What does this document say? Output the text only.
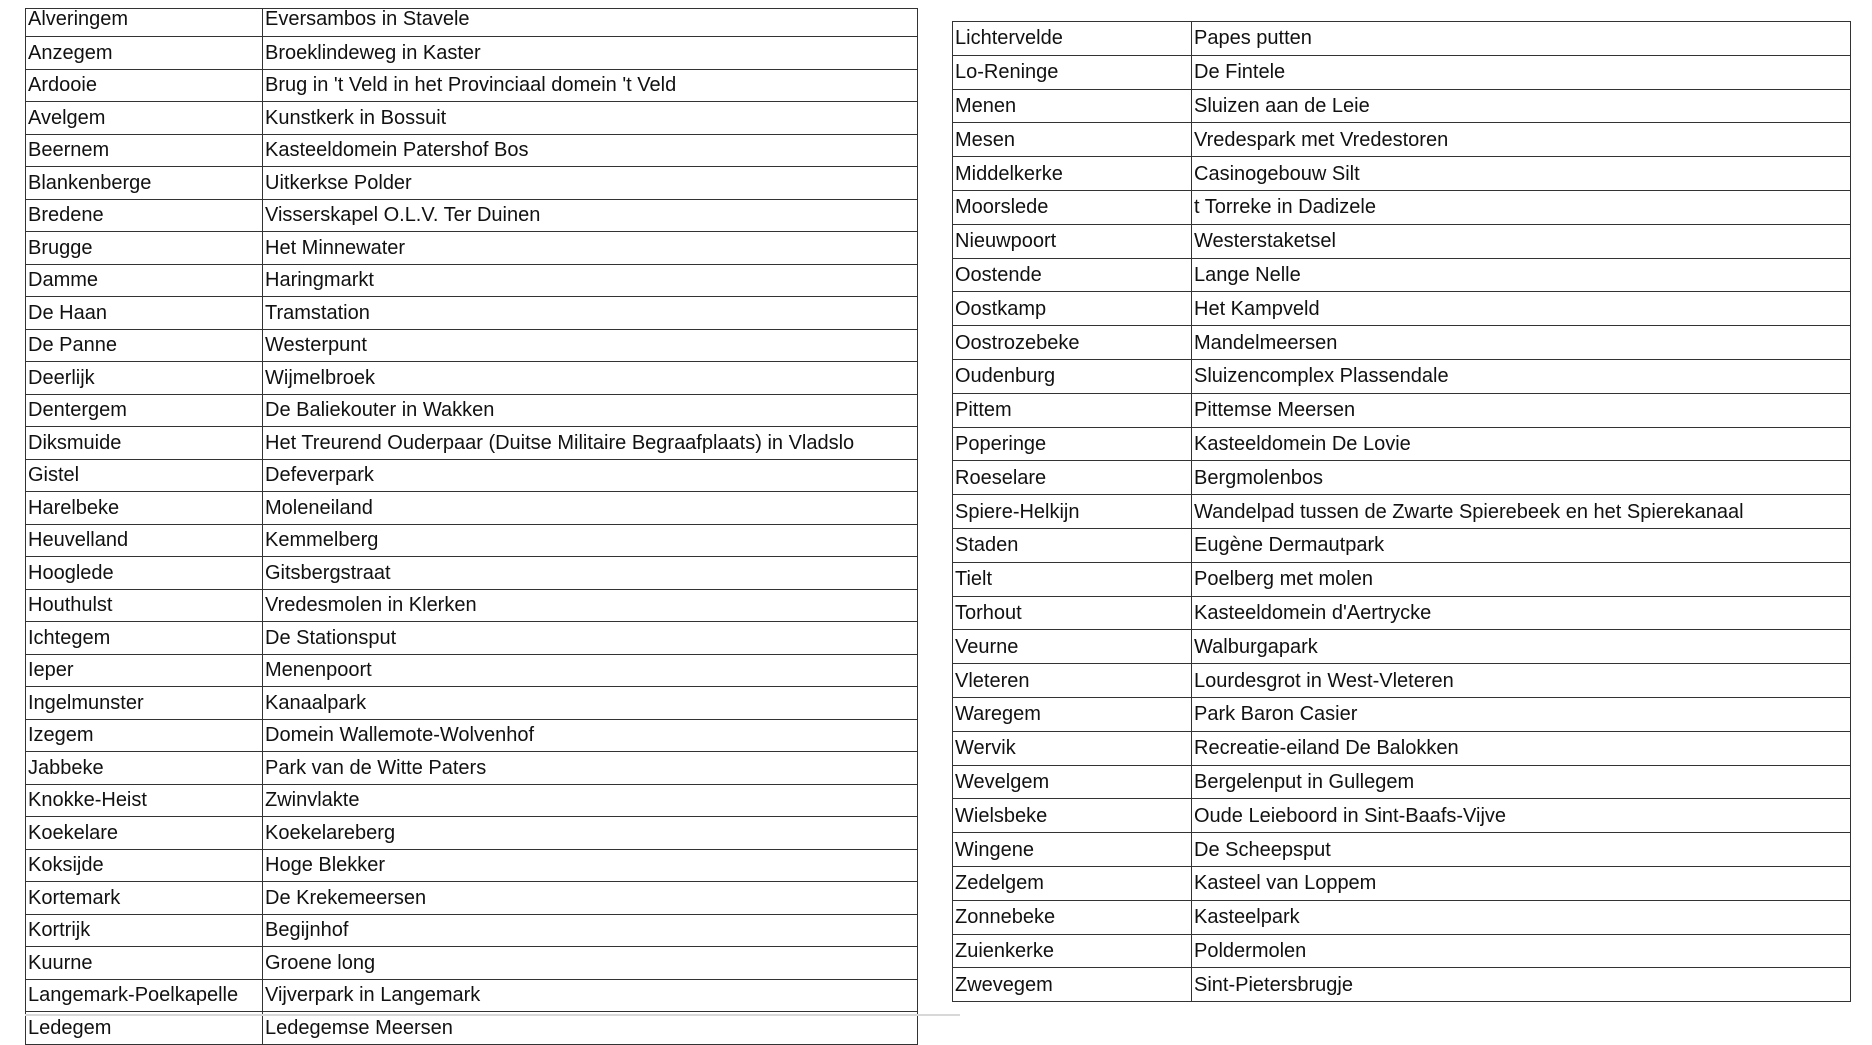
Alveringem	Eversambos in Stavele
Anzegem	Broeklindeweg in Kaster
Ardooie	Brug in 't Veld in het Provinciaal domein 't Veld
Avelgem	Kunstkerk in Bossuit
Beernem	Kasteeldomein Patershof Bos
Blankenberge	Uitkerkse Polder
Bredene	Visserskapel O.L.V. Ter Duinen
Brugge	Het Minnewater
Damme	Haringmarkt
De Haan	Tramstation
De Panne	Westerpunt
Deerlijk	Wijmelbroek
Dentergem	De Baliekouter in Wakken
Diksmuide	Het Treurend Ouderpaar (Duitse Militaire Begraafplaats) in Vladslo
Gistel	Defeverpark
Harelbeke	Moleneiland
Heuvelland	Kemmelberg
Hooglede	Gitsbergstraat
Houthulst	Vredesmolen in Klerken
Ichtegem	De Stationsput
Ieper	Menenpoort
Ingelmunster	Kanaalpark
Izegem	Domein Wallemote-Wolvenhof
Jabbeke	Park van de Witte Paters
Knokke-Heist	Zwinvlakte
Koekelare	Koekelareberg
Koksijde	Hoge Blekker
Kortemark	De Krekemeersen
Kortrijk	Begijnhof
Kuurne	Groene long
Langemark-Poelkapelle	Vijverpark in Langemark
Ledegem	Ledegemse Meersen
Lichtervelde	Papes putten
Lo-Reninge	De Fintele
Menen	Sluizen aan de Leie
Mesen	Vredespark met Vredestoren
Middelkerke	Casinogebouw Silt
Moorslede	t Torreke in Dadizele
Nieuwpoort	Westerstaketsel
Oostende	Lange Nelle
Oostkamp	Het Kampveld
Oostrozebeke	Mandelmeersen
Oudenburg	Sluizencomplex Plassendale
Pittem	Pittemse Meersen
Poperinge	Kasteeldomein De Lovie
Roeselare	Bergmolenbos
Spiere-Helkijn	Wandelpad tussen de Zwarte Spierebeek en het Spierekanaal
Staden	Eugène Dermautpark
Tielt	Poelberg met molen
Torhout	Kasteeldomein d'Aertrycke
Veurne	Walburgapark
Vleteren	Lourdesgrot in West-Vleteren
Waregem	Park Baron Casier
Wervik	Recreatie-eiland De Balokken
Wevelgem	Bergelenput in Gullegem
Wielsbeke	Oude Leieboord in Sint-Baafs-Vijve
Wingene	De Scheepsput
Zedelgem	Kasteel van Loppem
Zonnebeke	Kasteelpark
Zuienkerke	Poldermolen
Zwevegem	Sint-Pietersbrugje
